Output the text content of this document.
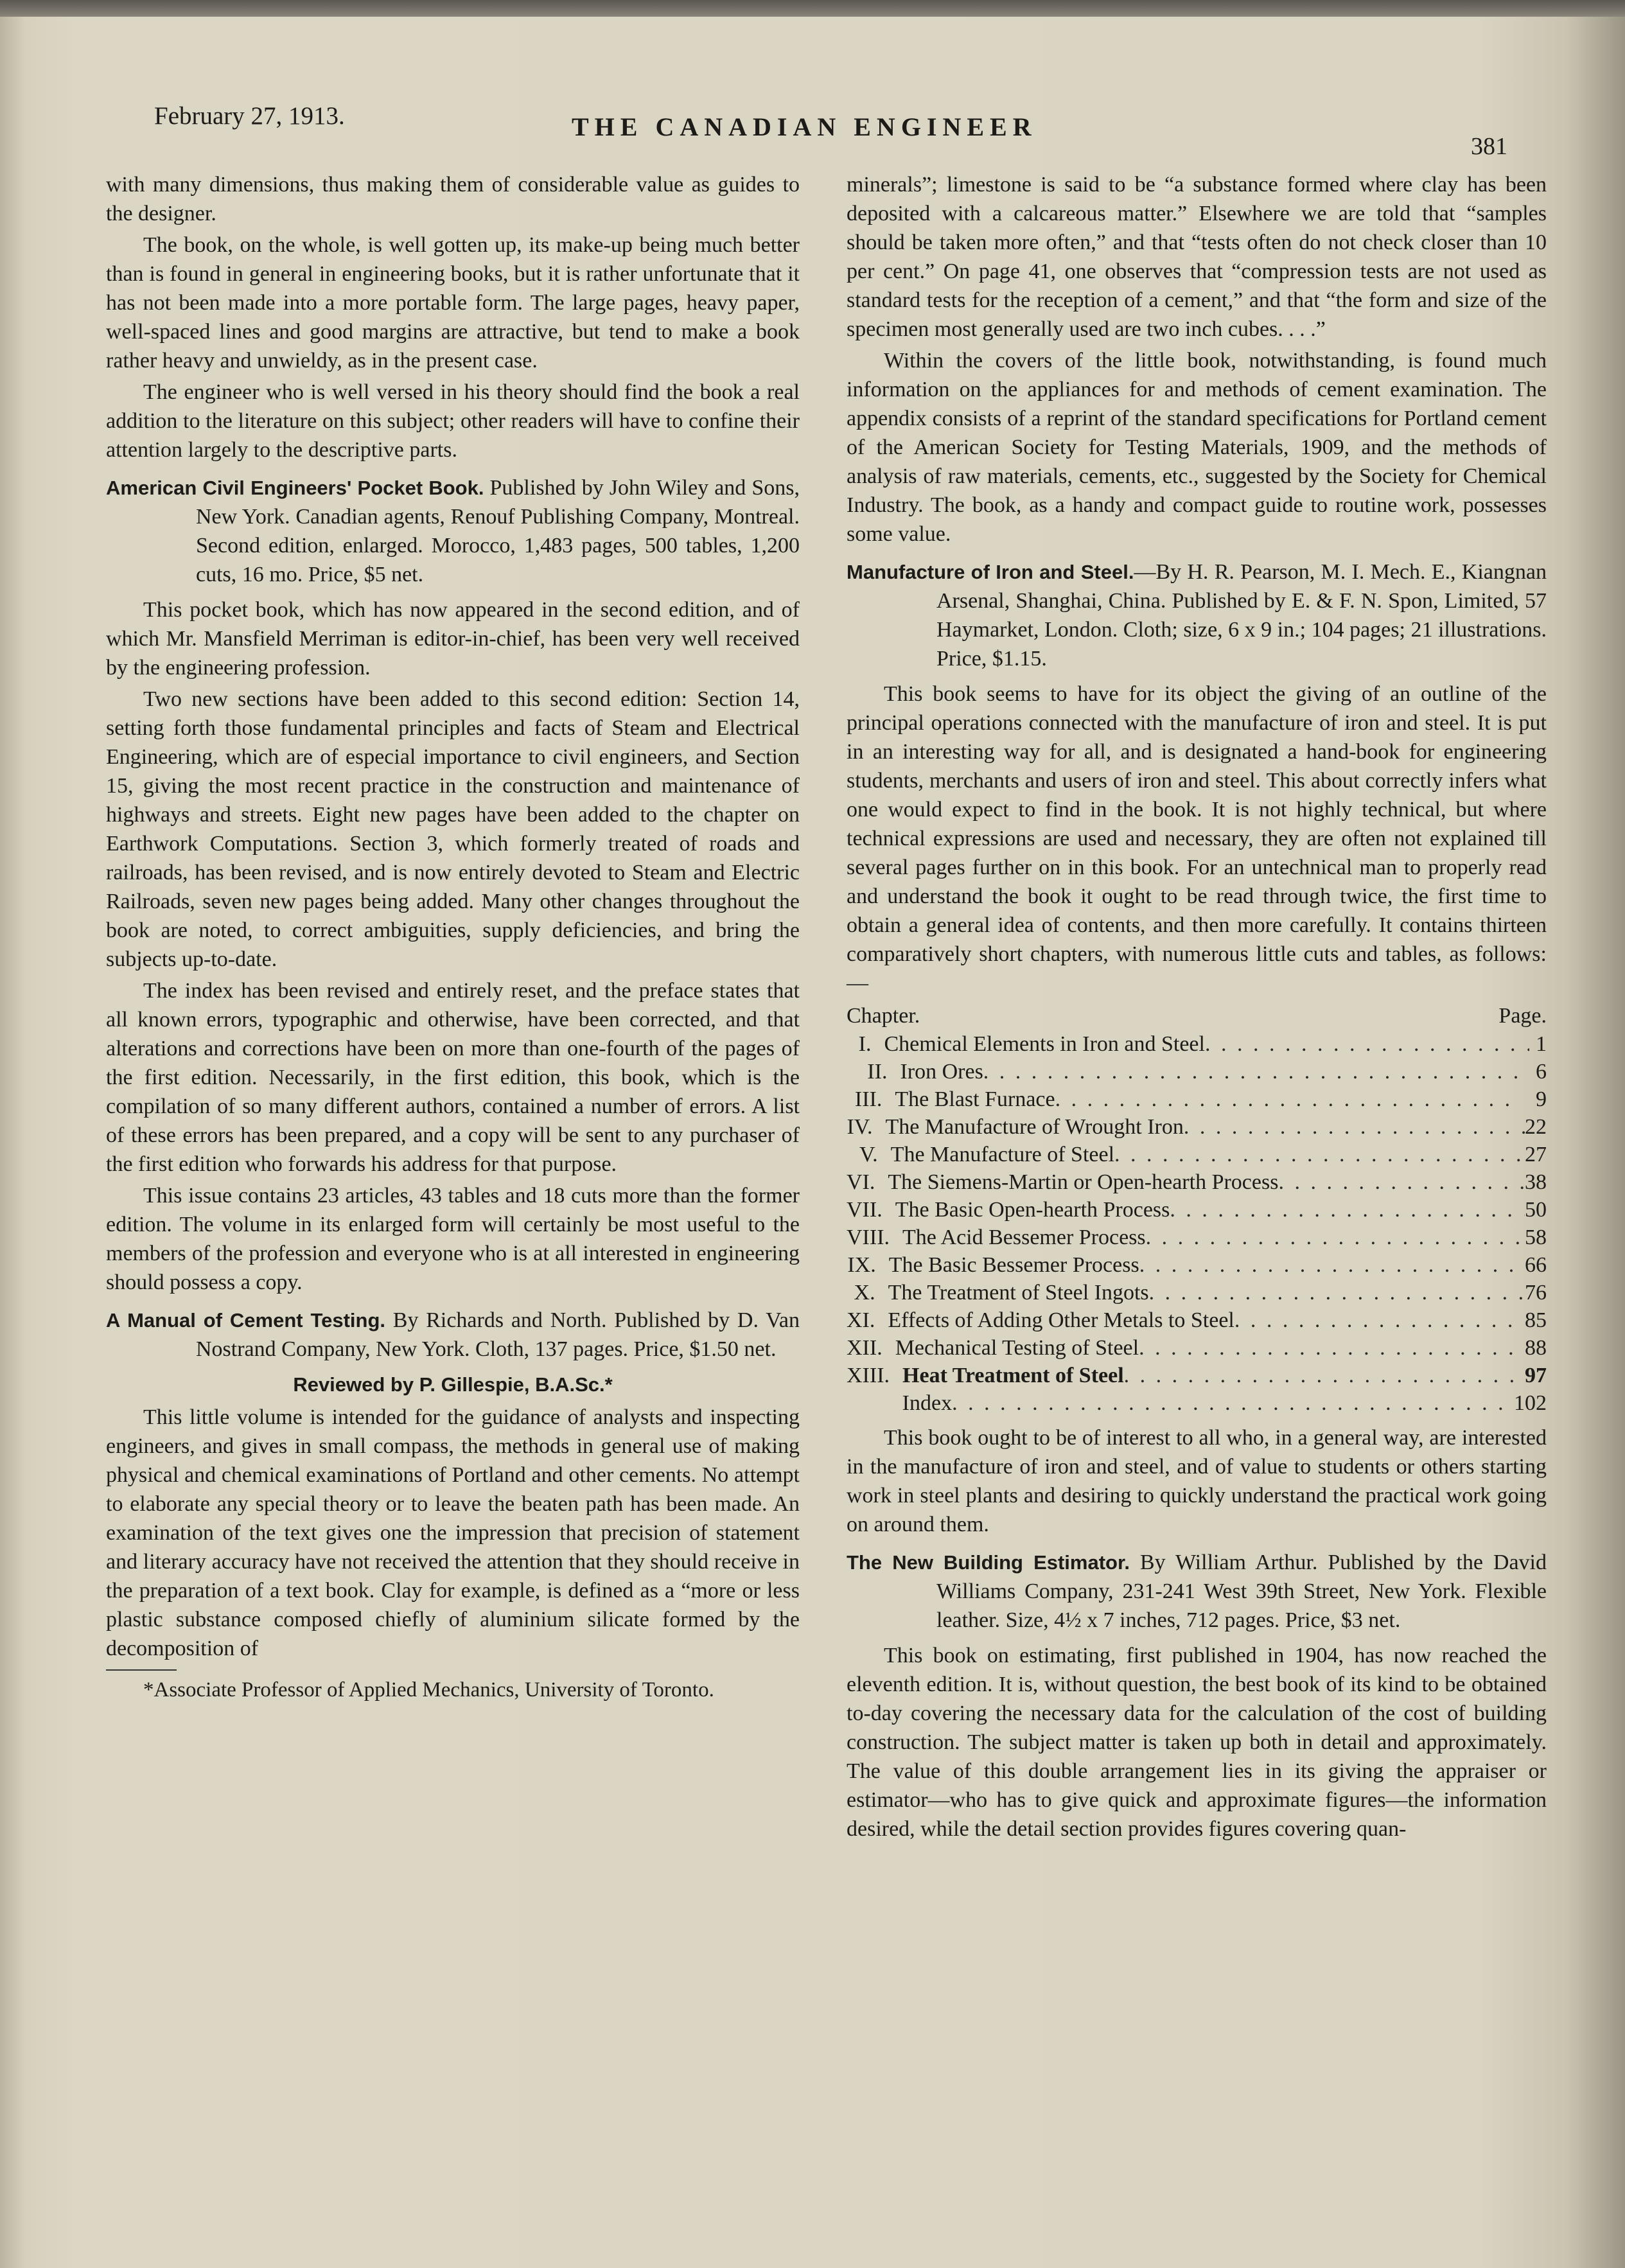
February 27, 1913.	THE CANADIAN ENGINEER
381

with many dimensions, thus making them of considerable value as guides to the designer.

The book, on the whole, is well gotten up, its make-up being much better than is found in general in engineering books, but it is rather unfortunate that it has not been made into a more portable form. The large pages, heavy paper, well-spaced lines and good margins are attractive, but tend to make a book rather heavy and unwieldy, as in the present case.

The engineer who is well versed in his theory should find the book a real addition to the literature on this subject; other readers will have to confine their attention largely to the descriptive parts.

American Civil Engineers' Pocket Book. Published by John Wiley and Sons, New York. Canadian agents, Renouf Publishing Company, Montreal. Second edition, enlarged. Morocco, 1,483 pages, 500 tables, 1,200 cuts, 16 mo. Price, $5 net.

This pocket book, which has now appeared in the second edition, and of which Mr. Mansfield Merriman is editor-in-chief, has been very well received by the engineering profession.

Two new sections have been added to this second edition: Section 14, setting forth those fundamental principles and facts of Steam and Electrical Engineering, which are of especial importance to civil engineers, and Section 15, giving the most recent practice in the construction and maintenance of highways and streets. Eight new pages have been added to the chapter on Earthwork Computations. Section 3, which formerly treated of roads and railroads, has been revised, and is now entirely devoted to Steam and Electric Railroads, seven new pages being added. Many other changes throughout the book are noted, to correct ambiguities, supply deficiencies, and bring the subjects up-to-date.

The index has been revised and entirely reset, and the preface states that all known errors, typographic and otherwise, have been corrected, and that alterations and corrections have been on more than one-fourth of the pages of the first edition. Necessarily, in the first edition, this book, which is the compilation of so many different authors, contained a number of errors. A list of these errors has been prepared, and a copy will be sent to any purchaser of the first edition who forwards his address for that purpose.

This issue contains 23 articles, 43 tables and 18 cuts more than the former edition. The volume in its enlarged form will certainly be most useful to the members of the profession and everyone who is at all interested in engineering should possess a copy.

A Manual of Cement Testing. By Richards and North. Published by D. Van Nostrand Company, New York. Cloth, 137 pages. Price, $1.50 net.

Reviewed by P. Gillespie, B.A.Sc.*

This little volume is intended for the guidance of analysts and inspecting engineers, and gives in small compass, the methods in general use of making physical and chemical examinations of Portland and other cements. No attempt to elaborate any special theory or to leave the beaten path has been made. An examination of the text gives one the impression that precision of statement and literary accuracy have not received the attention that they should receive in the preparation of a text book. Clay for example, is defined as a “more or less plastic substance composed chiefly of aluminium silicate formed by the decomposition of

*Associate Professor of Applied Mechanics, University of Toronto.

minerals”; limestone is said to be “a substance formed where clay has been deposited with a calcareous matter.” Elsewhere we are told that “samples should be taken more often,” and that “tests often do not check closer than 10 per cent.” On page 41, one observes that “compression tests are not used as standard tests for the reception of a cement,” and that “the form and size of the specimen most generally used are two inch cubes. . . .”

Within the covers of the little book, notwithstanding, is found much information on the appliances for and methods of cement examination. The appendix consists of a reprint of the standard specifications for Portland cement of the American Society for Testing Materials, 1909, and the methods of analysis of raw materials, cements, etc., suggested by the Society for Chemical Industry. The book, as a handy and compact guide to routine work, possesses some value.

Manufacture of Iron and Steel.—By H. R. Pearson, M. I. Mech. E., Kiangnan Arsenal, Shanghai, China. Published by E. & F. N. Spon, Limited, 57 Haymarket, London. Cloth; size, 6 x 9 in.; 104 pages; 21 illustrations. Price, $1.15.

This book seems to have for its object the giving of an outline of the principal operations connected with the manufacture of iron and steel. It is put in an interesting way for all, and is designated a hand-book for engineering students, merchants and users of iron and steel. This about correctly infers what one would expect to find in the book. It is not highly technical, but where technical expressions are used and necessary, they are often not explained till several pages further on in this book. For an untechnical man to properly read and understand the book it ought to be read through twice, the first time to obtain a general idea of contents, and then more carefully. It contains thirteen comparatively short chapters, with numerous little cuts and tables, as follows:—

Chapter.	Page.
I. Chemical Elements in Iron and Steel . . .	1
II. Iron Ores . . .	6
III. The Blast Furnace . . .	9
IV. The Manufacture of Wrought Iron . . .	22
V. The Manufacture of Steel . . .	27
VI. The Siemens-Martin or Open-hearth Process . . .	38
VII. The Basic Open-hearth Process . . .	50
VIII. The Acid Bessemer Process . . .	58
IX. The Basic Bessemer Process . . .	66
X. The Treatment of Steel Ingots . . .	76
XI. Effects of Adding Other Metals to Steel . . .	85
XII. Mechanical Testing of Steel . . .	88
XIII. Heat Treatment of Steel . . .	97
Index . . .	102

This book ought to be of interest to all who, in a general way, are interested in the manufacture of iron and steel, and of value to students or others starting work in steel plants and desiring to quickly understand the practical work going on around them.

The New Building Estimator. By William Arthur. Published by the David Williams Company, 231-241 West 39th Street, New York. Flexible leather. Size, 4½ x 7 inches, 712 pages. Price, $3 net.

This book on estimating, first published in 1904, has now reached the eleventh edition. It is, without question, the best book of its kind to be obtained to-day covering the necessary data for the calculation of the cost of building construction. The subject matter is taken up both in detail and approximately. The value of this double arrangement lies in its giving the appraiser or estimator—who has to give quick and approximate figures—the information desired, while the detail section provides figures covering quan-
